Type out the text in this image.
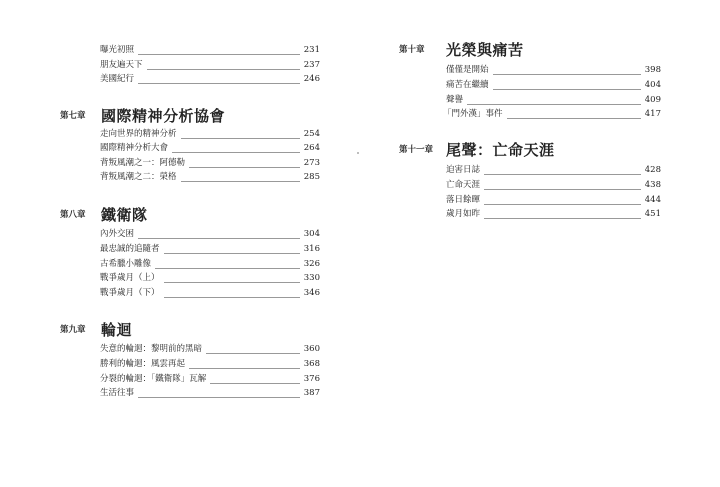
曝光初照	231
朋友遍天下	237
美國紀行	246
第七章 國際精神分析協會
走向世界的精神分析	254
國際精神分析大會	264
背叛風潮之一：阿德勒	273
背叛風潮之二：榮格	285
第八章 鐵衛隊
內外交困	304
最忠誠的追隨者	316
古希臘小雕像	326
戰爭歲月（上）	330
戰爭歲月（下）	346
第九章 輪迴
失意的輪迴：黎明前的黑暗	360
勝利的輪迴：風雲再起	368
分裂的輪迴：「鐵衛隊」瓦解	376
生活往事	387
第十章 光榮與痛苦
僅僅是開始	398
痛苦在繼續	404
聲譽	409
「門外漢」事件	417
第十一章 尾聲：亡命天涯
迫害日誌	428
亡命天涯	438
落日餘暉	444
歲月如昨	451
